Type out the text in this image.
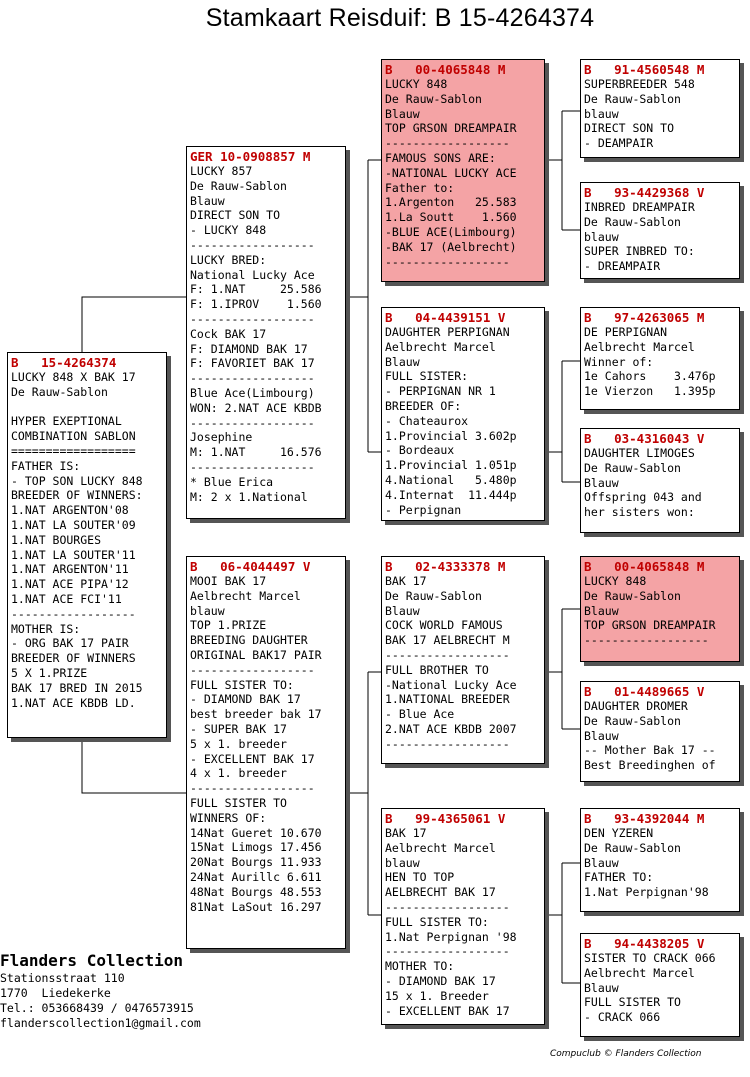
Stamkaart Reisduif: B 15-4264374
B   15-4264374
LUCKY 848 X BAK 17
De Rauw-Sablon

HYPER EXEPTIONAL
COMBINATION SABLON
==================
FATHER IS:
- TOP SON LUCKY 848
BREEDER OF WINNERS:
1.NAT ARGENTON'08
1.NAT LA SOUTER'09
1.NAT BOURGES
1.NAT LA SOUTER'11
1.NAT ARGENTON'11
1.NAT ACE PIPA'12
1.NAT ACE FCI'11
------------------
MOTHER IS:
- ORG BAK 17 PAIR
BREEDER OF WINNERS
5 X 1.PRIZE
BAK 17 BRED IN 2015
1.NAT ACE KBDB LD.
GER 10-0908857 M
LUCKY 857
De Rauw-Sablon
Blauw
DIRECT SON TO
- LUCKY 848
------------------
LUCKY BRED:
National Lucky Ace
F: 1.NAT     25.586
F: 1.IPROV    1.560
------------------
Cock BAK 17
F: DIAMOND BAK 17
F: FAVORIET BAK 17
------------------
Blue Ace(Limbourg)
WON: 2.NAT ACE KBDB
------------------
Josephine
M: 1.NAT     16.576
------------------
* Blue Erica
M: 2 x 1.National
B   06-4044497 V
MOOI BAK 17
Aelbrecht Marcel
blauw
TOP 1.PRIZE
BREEDING DAUGHTER
ORIGINAL BAK17 PAIR
------------------
FULL SISTER TO:
- DIAMOND BAK 17
best breeder bak 17
- SUPER BAK 17
5 x 1. breeder
- EXCELLENT BAK 17
4 x 1. breeder
------------------
FULL SISTER TO
WINNERS OF:
14Nat Gueret 10.670
15Nat Limogs 17.456
20Nat Bourgs 11.933
24Nat Aurillc 6.611
48Nat Bourgs 48.553
81Nat LaSout 16.297
B   00-4065848 M
LUCKY 848
De Rauw-Sablon
Blauw
TOP GRSON DREAMPAIR
------------------
FAMOUS SONS ARE:
-NATIONAL LUCKY ACE
Father to:
1.Argenton   25.583
1.La Soutt    1.560
-BLUE ACE(Limbourg)
-BAK 17 (Aelbrecht)
------------------
B   04-4439151 V
DAUGHTER PERPIGNAN
Aelbrecht Marcel
Blauw
FULL SISTER:
- PERPIGNAN NR 1
BREEDER OF:
- Chateaurox
1.Provincial 3.602p
- Bordeaux
1.Provincial 1.051p
4.National   5.480p
4.Internat  11.444p
- Perpignan
B   02-4333378 M
BAK 17
De Rauw-Sablon
Blauw
COCK WORLD FAMOUS
BAK 17 AELBRECHT M
------------------
FULL BROTHER TO
-National Lucky Ace
1.NATIONAL BREEDER
- Blue Ace
2.NAT ACE KBDB 2007
------------------
B   99-4365061 V
BAK 17
Aelbrecht Marcel
blauw
HEN TO TOP
AELBRECHT BAK 17
------------------
FULL SISTER TO:
1.Nat Perpignan '98
------------------
MOTHER TO:
- DIAMOND BAK 17
15 x 1. Breeder
- EXCELLENT BAK 17
B   91-4560548 M
SUPERBREEDER 548
De Rauw-Sablon
blauw
DIRECT SON TO
- DEAMPAIR
B   93-4429368 V
INBRED DREAMPAIR
De Rauw-Sablon
blauw
SUPER INBRED TO:
- DREAMPAIR
B   97-4263065 M
DE PERPIGNAN
Aelbrecht Marcel
Winner of:
1e Cahors    3.476p
1e Vierzon   1.395p
B   03-4316043 V
DAUGHTER LIMOGES
De Rauw-Sablon
Blauw
Offspring 043 and
her sisters won:
B   00-4065848 M
LUCKY 848
De Rauw-Sablon
Blauw
TOP GRSON DREAMPAIR
------------------
B   01-4489665 V
DAUGHTER DROMER
De Rauw-Sablon
Blauw
-- Mother Bak 17 --
Best Breedinghen of
B   93-4392044 M
DEN YZEREN
De Rauw-Sablon
Blauw
FATHER TO:
1.Nat Perpignan'98
B   94-4438205 V
SISTER TO CRACK 066
Aelbrecht Marcel
Blauw
FULL SISTER TO
- CRACK 066
Flanders Collection
Stationsstraat 110
1770  Liedekerke
Tel.: 053668439 / 0476573915
flanderscollection1@gmail.com
Compuclub © Flanders Collection
